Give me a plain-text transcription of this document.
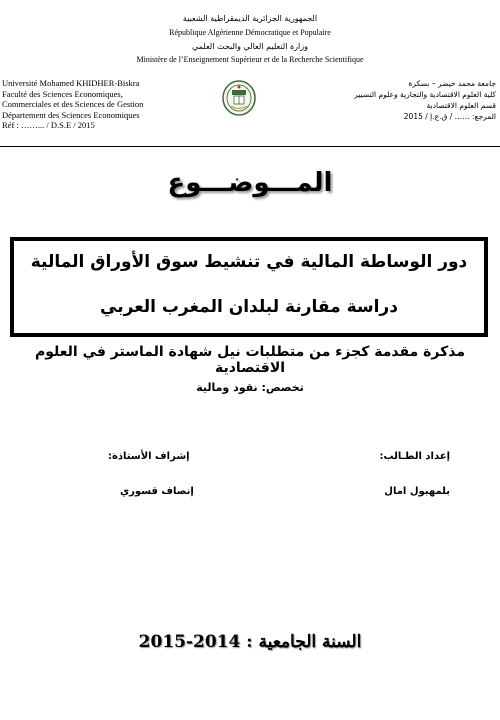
الجمهورية الجزائرية الديمقراطية الشعبية
République Algérienne Démocratique et Populaire
وزارة التعليم العالي والبحث العلمي
Ministère de l’Enseignement Supérieur et de la Recherche Scientifique
Université Mohamed KHIDHER-Biskra
Faculté des Sciences Economiques,
Commerciales et des Sciences de Gestion
Département des Sciences Economiques
Réf : ……... / D.S.E / 2015
جامعة محمد خيضر – بسكرة
كلية العلوم الاقتصادية والتجارية وعلوم التسيير
قسم العلوم الاقتصادية
المرجع: …… / ق.ع.إ / 2015
المـــوضـــوع
دور الوساطة المالية في تنشيط سوق الأوراق المالية
دراسة مقارنة لبلدان المغرب العربي
مذكرة مقدمة كجزء من متطلبات نيل شهادة الماستر في العلوم الاقتصادية
تخصص: نقود ومالية
إعداد الطـالب:
بلمهبول امال
إشراف الأستاذة:
إنصاف قسوري
السنة الجامعية : 2014-2015
